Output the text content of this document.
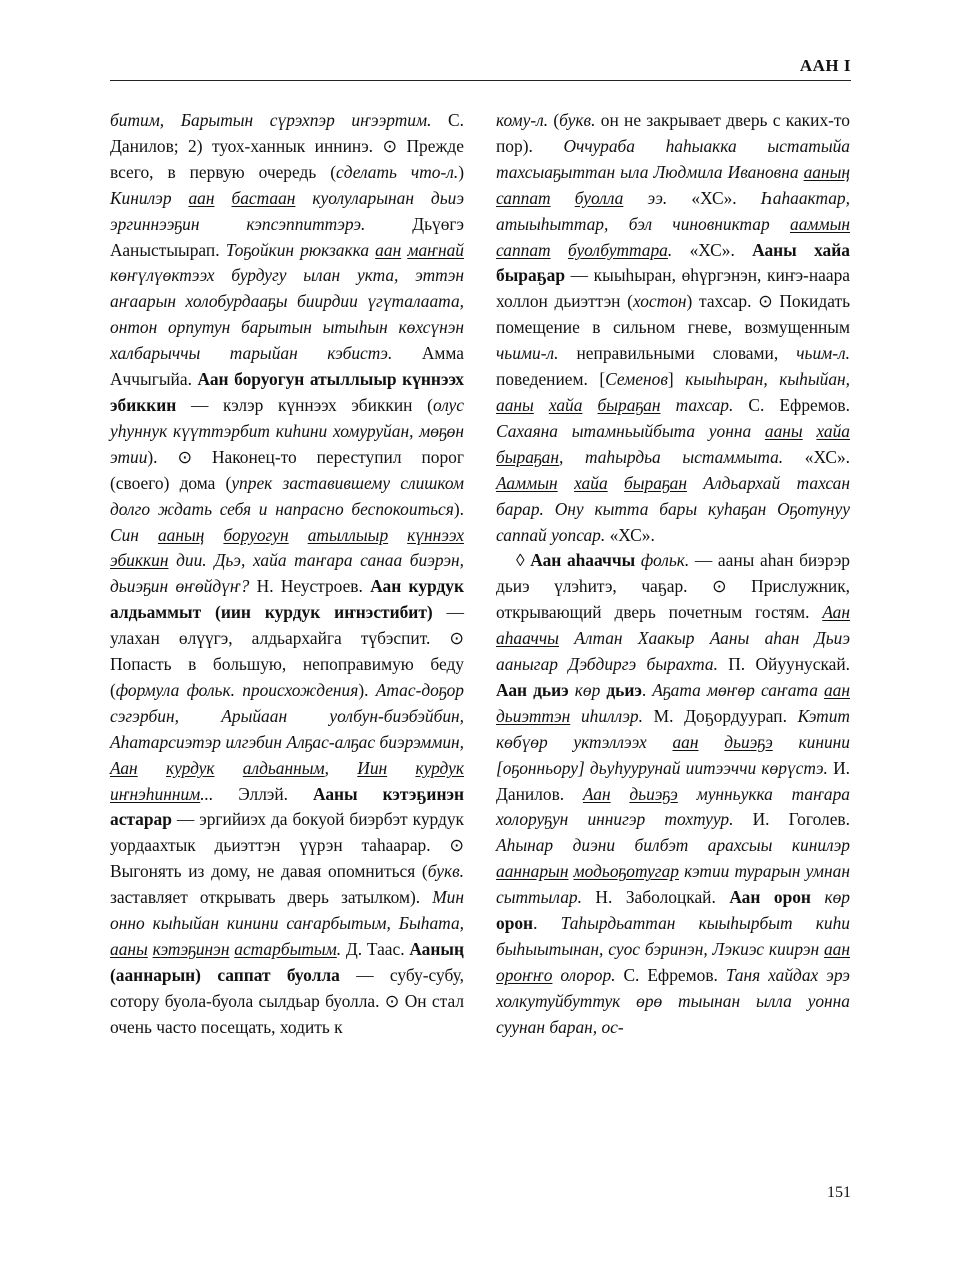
ААН I

битим, Барытын сүрэхпэр иҥээртим. С. Данилов; 2) туох-ханнык иннинэ. ⊙ Прежде всего, в первую очередь (сделать что-л.) Кинилэр аан бастаан куолуларынан дьиэ эргиннээҕин кэпсэппиттэрэ. Дьүөгэ Ааныстыырап. Тоҕойкин рюкзакка аан маҥнай көҥүлүөктээх бурдугу ылан укта, эттэн аҥаарын холобурдааҕы биирдии үгүталаата, онтон орпутун барытын ытыһын көхсүнэн халбарыччы тарыйан кэбистэ. Амма Аччыгыйа. Аан боруогун атыллыыр күннээх эбиккин — кэлэр күннээх эбиккин (олус уһуннук күүттэрбит киһини хомуруйан, мөҕөн этии). ⊙ Наконец-то переступил порог (своего) дома (упрек заставившему слишком долго ждать себя и напрасно беспокоиться). Син ааның боруогун атыллыыр күннээх эбиккин дии. Дьэ, хайа таҥара санаа биэрэн, дьиэҕин өҥөйдүҥ? Н. Неустроев. Аан курдук алдьаммыт (иин курдук иҥнэстибит) — улахан өлүүгэ, алдьархайга түбэспит. ⊙ Попасть в большую, непоправимую беду (формула фольк. происхождения). Атас-доҕор сэгэрбин, Арыйаан уолбун-биэбэйбин, Аһатарсиэтэр илгэбин Алҕас-алҕас биэрэммин, Аан курдук алдьанным, Иин курдук иҥнэһинним... Эллэй. Ааны кэтэҕинэн астарар — эргийиэх да бокуой биэрбэт курдук уордаахтык дьиэттэн үүрэн таһаарар. ⊙ Выгонять из дому, не давая опомниться (букв. заставляет открывать дверь затылком). Мин онно кыһыйан кинини саҥарбытым, Быһата, ааны кэтэҕинэн астарбытым. Д. Таас. Ааның (ааннарын) саппат буолла — субу-субу, сотору буола-буола сылдьар буолла. ⊙ Он стал очень часто посещать, ходить к

кому-л. (букв. он не закрывает дверь с каких-то пор). Оччураба һаһыакка ыстатыйа тахсыаҕыттан ыла Людмила Ивановна ааның саппат буолла ээ. «ХС». Һаһаактар, атыыһыттар, бэл чиновниктар ааммын саппат буолбуттара. «ХС». Ааны хайа быраҕар — кыыһыран, өһүргэнэн, киҥэ-наара холлон дьиэттэн (хостон) тахсар. ⊙ Покидать помещение в сильном гневе, возмущенным чьими-л. неправильными словами, чьим-л. поведением. [Семенов] кыыһыран, кыһыйан, ааны хайа быраҕан тахсар. С. Ефремов. Сахаяна ытамньыйбыта уонна ааны хайа быраҕан, таһырдьа ыстаммыта. «ХС». Ааммын хайа быраҕан Алдьархай тахсан барар. Ону кытта бары куһаҕан Оҕотунуу саппай уопсар. «ХС».

◊ Аан аһааччы фольк. — ааны аһан биэрэр дьиэ үлэһитэ, чаҕар. ⊙ Прислужник, открывающий дверь почетным гостям. Аан аһааччы Алтан Хаакыр Ааны аһан Дьиэ ааныгар Дэбдиргэ бырахта. П. Ойуунускай. Аан дьиэ көр дьиэ. Аҕата мөҥөр саҥата аан дьиэттэн иһиллэр. М. Доҕордуурап. Кэтит көбүөр уктэллээх аан дьиэҕэ кинини [оҕонньору] дьуһуурунай иитээччи көрүстэ. И. Данилов. Аан дьиэҕэ мунньукка таҥара холоруҕун иннигэр тохтуур. И. Гоголев. Аһынар диэни билбэт арахсыы кинилэр ааннарын модьоҕотугар кэтии турарын умнан сыттылар. Н. Заболоцкай. Аан орон көр орон. Таһырдьаттан кыыһырбыт киһи быһыытынан, суос бэринэн, Лэкиэс киирэн аан ороҥҥо олорор. С. Ефремов. Таня хайдах эрэ холкутуйбуттук өрө тыынан ылла уонна суунан баран, ос-

151
